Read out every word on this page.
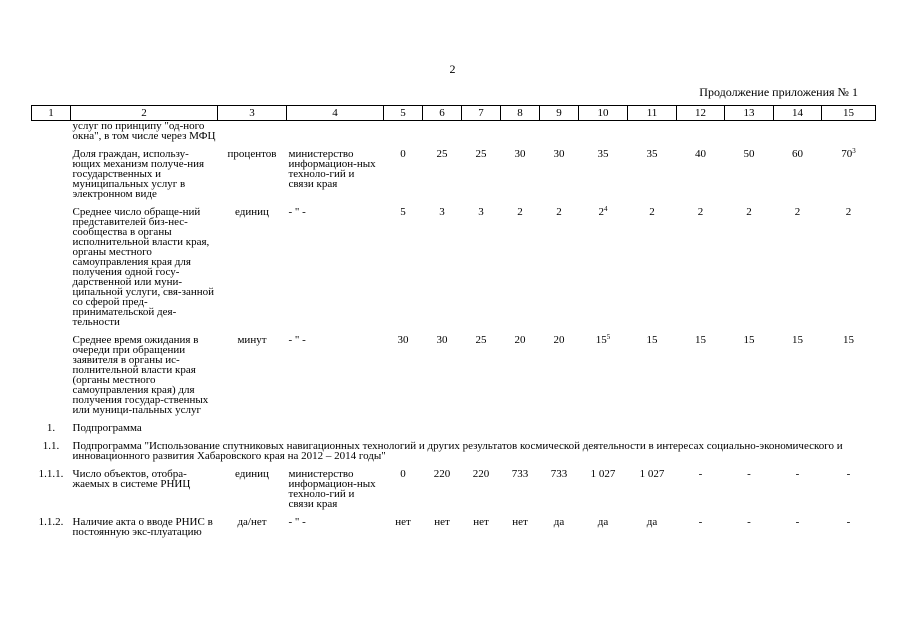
2
Продолжение приложения № 1
1	2	3	4	5	6	7	8	9	10	11	12	13	14	15
	услуг по принципу "од-ного окна", в том числе через МФЦ													

	Доля граждан, использу-ющих механизм получе-ния государственных и муниципальных услуг в электронном виде	процентов	министерство информацион-ных техноло-гий и связи края	0	25	25	30	30	35	35	40	50	60	$70^3$

	Среднее число обраще-ний представителей биз-нес-сообщества в органы исполнительной власти края, органы местного самоуправления края для получения одной госу-дарственной или муни-ципальной услуги, свя-занной со сферой пред-принимательской дея-тельности	единиц	- " -	5	3	3	2	2	$2^4$	2	2	2	2	2

	Среднее время ожидания в очереди при обращении заявителя в органы ис-полнительной власти края (органы местного самоуправления края) для получения государ-ственных или муници-пальных услуг	минут	- " -	30	30	25	20	20	$15^5$	15	15	15	15	15

1.	Подпрограмма													

1.1.	Подпрограмма "Использование спутниковых навигационных технологий и других результатов космической деятельности в интересах социально-экономического и инновационного развития Хабаровского края на 2012 – 2014 годы"													

1.1.1.	Число объектов, отобра-жаемых в системе РНИЦ	единиц	министерство информацион-ных техноло-гий и связи края	0	220	220	733	733	1 027	1 027	-	-	-	-

1.1.2.	Наличие акта о вводе РНИС в постоянную экс-плуатацию	да/нет	- " -	нет	нет	нет	нет	да	да	да	-	-	-	-
